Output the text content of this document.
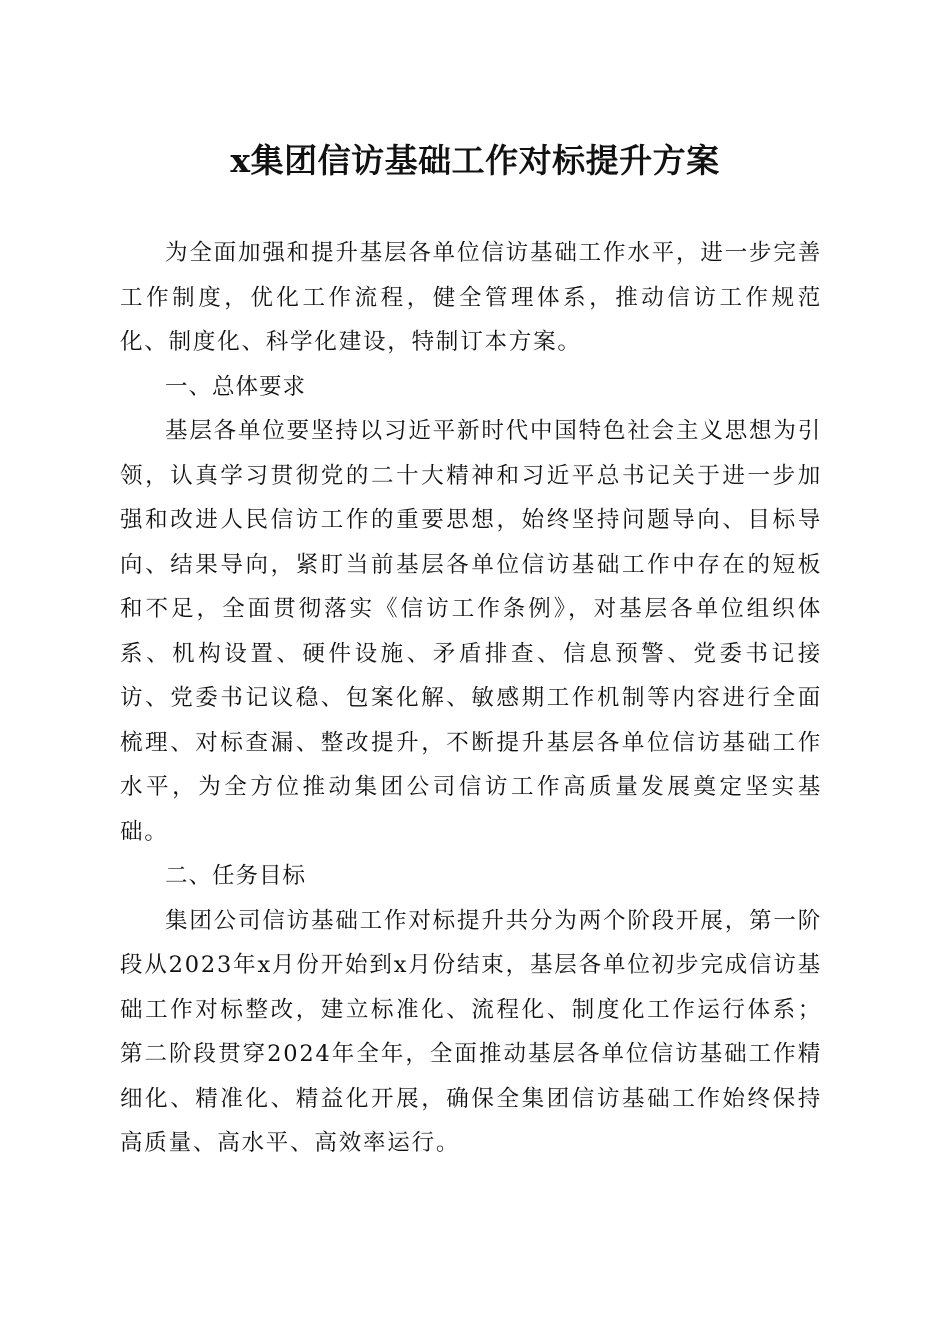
x集团信访基础工作对标提升方案

为全面加强和提升基层各单位信访基础工作水平，进一步完善工作制度，优化工作流程，健全管理体系，推动信访工作规范化、制度化、科学化建设，特制订本方案。

一、总体要求

基层各单位要坚持以习近平新时代中国特色社会主义思想为引领，认真学习贯彻党的二十大精神和习近平总书记关于进一步加强和改进人民信访工作的重要思想，始终坚持问题导向、目标导向、结果导向，紧盯当前基层各单位信访基础工作中存在的短板和不足，全面贯彻落实《信访工作条例》，对基层各单位组织体系、机构设置、硬件设施、矛盾排查、信息预警、党委书记接访、党委书记议稳、包案化解、敏感期工作机制等内容进行全面梳理、对标查漏、整改提升，不断提升基层各单位信访基础工作水平，为全方位推动集团公司信访工作高质量发展奠定坚实基础。

二、任务目标

集团公司信访基础工作对标提升共分为两个阶段开展，第一阶段从2023年x月份开始到x月份结束，基层各单位初步完成信访基础工作对标整改，建立标准化、流程化、制度化工作运行体系；第二阶段贯穿2024年全年，全面推动基层各单位信访基础工作精细化、精准化、精益化开展，确保全集团信访基础工作始终保持高质量、高水平、高效率运行。
